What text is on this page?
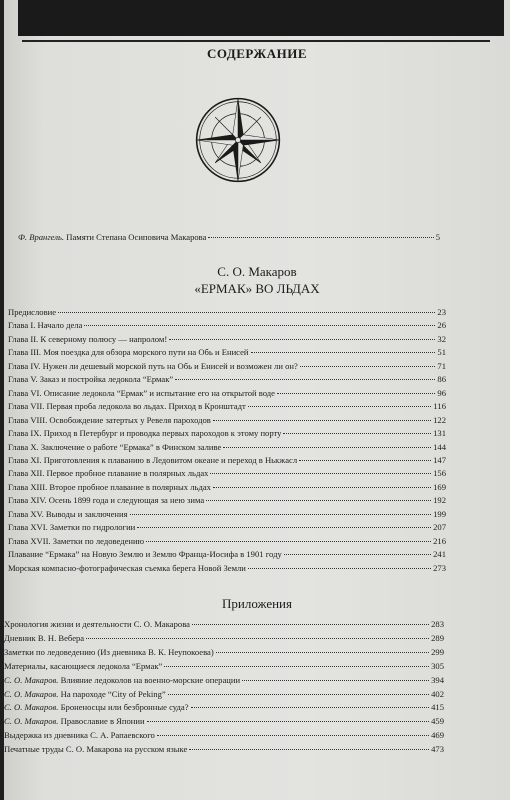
СОДЕРЖАНИЕ
Ф. Врангель. Памяти Степана Осиповича Макарова	5
С. О. Макаров
«ЕРМАК» ВО ЛЬДАХ
Предисловие	23
Глава I. Начало дела	26
Глава II. К северному полюсу — напролом!	32
Глава III. Моя поездка для обзора морского пути на Обь и Енисей	51
Глава IV. Нужен ли дешевый морской путь на Обь и Енисей и возможен ли он?	71
Глава V. Заказ и постройка ледокола “Ермак”	86
Глава VI. Описание ледокола “Ермак” и испытание его на открытой воде	96
Глава VII. Первая проба ледокола во льдах. Приход в Кронштадт	116
Глава VIII. Освобождение затертых у Ревеля пароходов	122
Глава IX. Приход в Петербург и проводка первых пароходов к этому порту	131
Глава X. Заключение о работе “Ермака” в Финском заливе	144
Глава XI. Приготовления к плаванию в Ледовитом океане и переход в Нькжасл	147
Глава XII. Первое пробное плавание в полярных льдах	156
Глава XIII. Второе пробное плавание в полярных льдах	169
Глава XIV. Осень 1899 года и следующая за нею зима	192
Глава XV. Выводы и заключения	199
Глава XVI. Заметки по гидрологии	207
Глава XVII. Заметки по ледоведению	216
Плавание “Ермака” на Новую Землю и Землю Франца-Иосифа в 1901 году	241
Морская компасно-фотографическая съемка берега Новой Земли	273
Приложения
Хронология жизни и деятельности С. О. Макарова	283
Дневник В. Н. Вебера	289
Заметки по ледоведению (Из дневника В. К. Неупокоева)	299
Материалы, касающиеся ледокола “Ермак”	305
С. О. Макаров. Влияние ледоколов на военно-морские операции	394
С. О. Макаров. На пароходе “City of Peking”	402
С. О. Макаров. Броненосцы или безбронные суда?	415
С. О. Макаров. Православие в Японии	459
Выдержка из дневника С. А. Рапаевского	469
Печатные труды С. О. Макарова на русском языке	473
